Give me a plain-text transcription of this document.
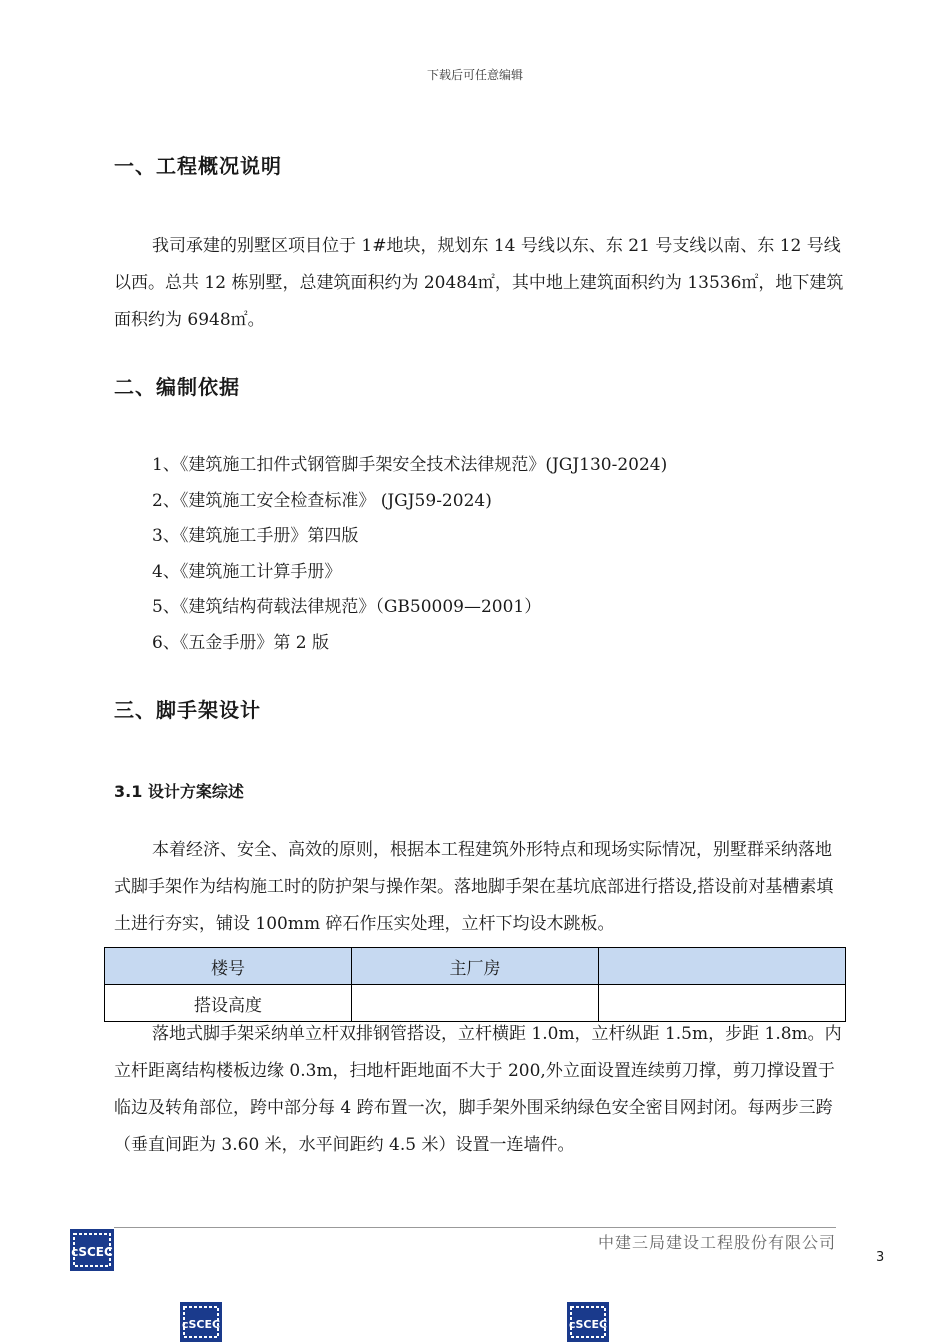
下载后可任意编辑
一、工程概况说明

我司承建的别墅区项目位于 1#地块，规划东 14 号线以东、东 21 号支线以南、东 12 号线以西。总共 12 栋别墅，总建筑面积约为 20484㎡，其中地上建筑面积约为 13536㎡，地下建筑面积约为 6948㎡。

二、编制依据
1、《建筑施工扣件式钢管脚手架安全技术法律规范》(JGJ130-2024)
2、《建筑施工安全检查标准》 (JGJ59-2024)
3、《建筑施工手册》第四版
4、《建筑施工计算手册》
5、《建筑结构荷载法律规范》（GB50009—2001）
6、《五金手册》第 2 版
三、脚手架设计
3.1 设计方案综述

本着经济、安全、高效的原则，根据本工程建筑外形特点和现场实际情况，别墅群采纳落地式脚手架作为结构施工时的防护架与操作架。落地脚手架在基坑底部进行搭设,搭设前对基槽素填土进行夯实，铺设 100mm 碎石作压实处理，立杆下均设木跳板。

楼号	主厂房	
搭设高度		

落地式脚手架采纳单立杆双排钢管搭设，立杆横距 1.0m，立杆纵距 1.5m，步距 1.8m。内立杆距离结构楼板边缘 0.3m，扫地杆距地面不大于 200,外立面设置连续剪刀撑，剪刀撑设置于临边及转角部位，跨中部分每 4 跨布置一次，脚手架外围采纳绿色安全密目网封闭。每两步三跨（垂直间距为 3.60 米，水平间距约 4.5 米）设置一连墙件。

中建三局建设工程股份有限公司
3
cSCEC
cSCEC	cSCEC
